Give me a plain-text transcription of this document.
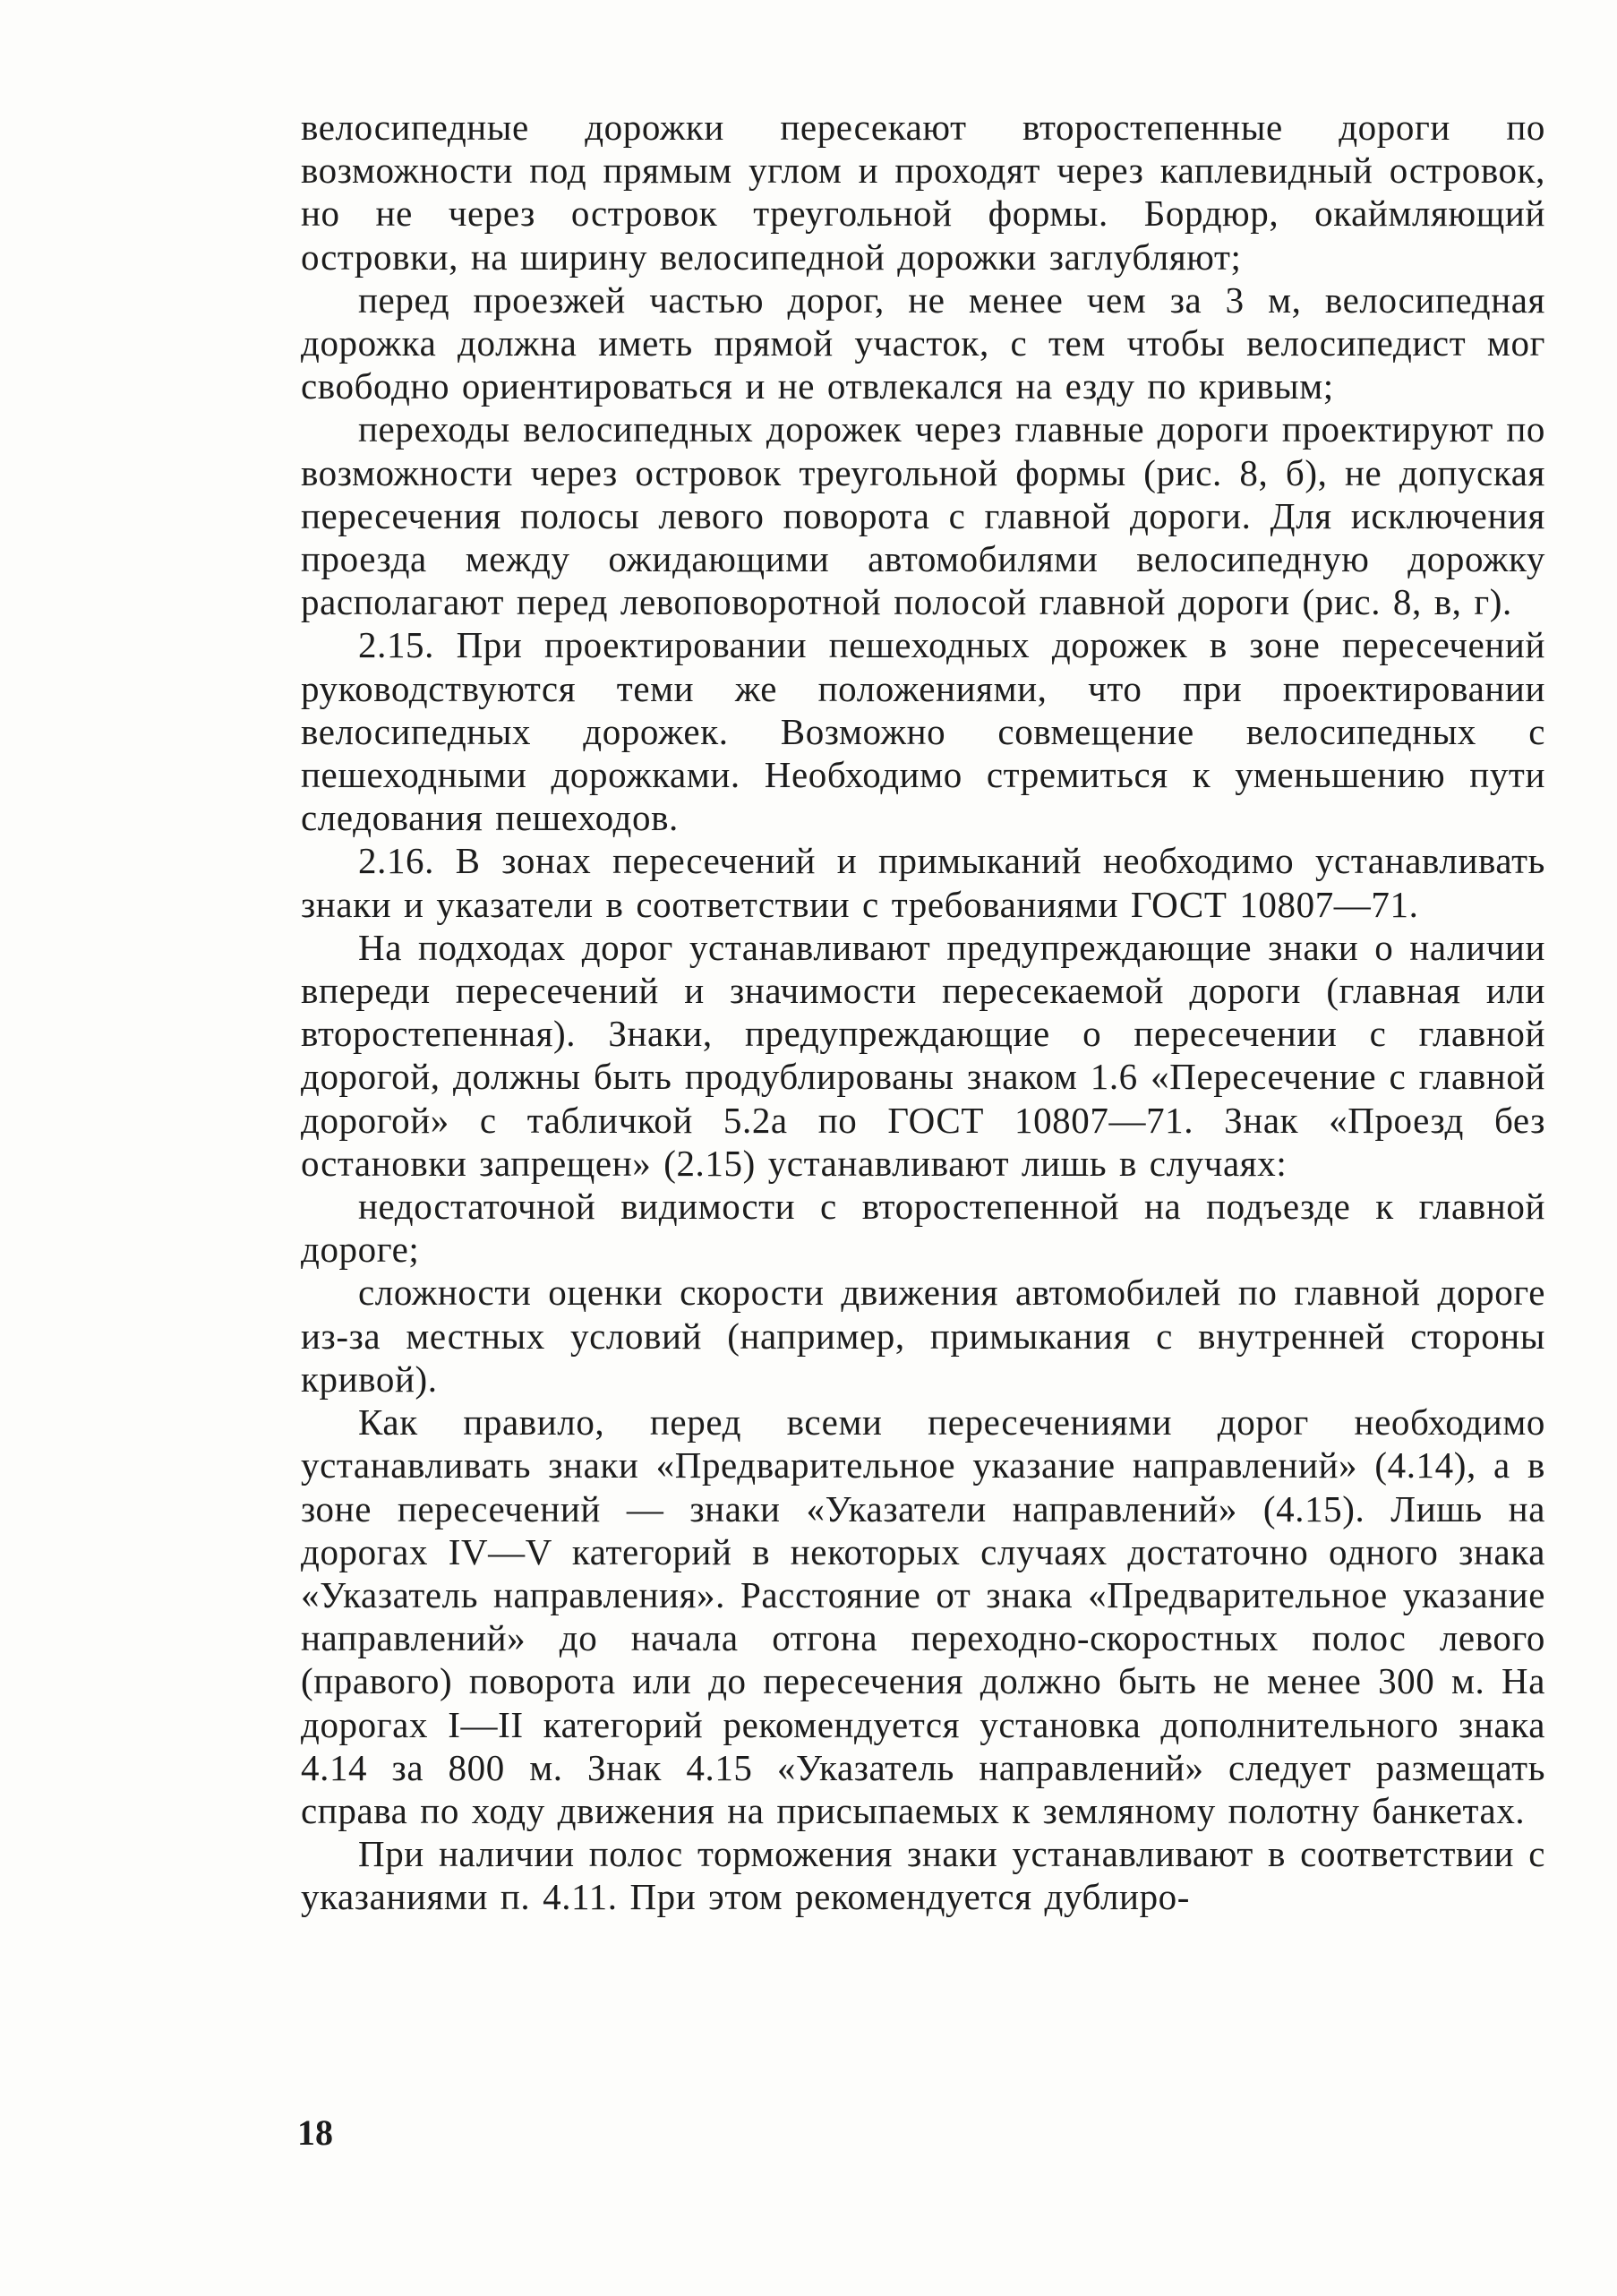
велосипедные дорожки пересекают второстепенные дороги по возможности под прямым углом и проходят через каплевидный островок, но не через островок треугольной формы. Бордюр, окаймляющий островки, на ширину велосипедной дорожки заглубляют;

перед проезжей частью дорог, не менее чем за 3 м, велосипедная дорожка должна иметь прямой участок, с тем чтобы велосипедист мог свободно ориентироваться и не отвлекался на езду по кривым;

переходы велосипедных дорожек через главные дороги проектируют по возможности через островок треугольной формы (рис. 8, б), не допуская пересечения полосы левого поворота с главной дороги. Для исключения проезда между ожидающими автомобилями велосипедную дорожку располагают перед левоповоротной полосой главной дороги (рис. 8, в, г).

2.15. При проектировании пешеходных дорожек в зоне пересечений руководствуются теми же положениями, что при проектировании велосипедных дорожек. Возможно совмещение велосипедных с пешеходными дорожками. Необходимо стремиться к уменьшению пути следования пешеходов.

2.16. В зонах пересечений и примыканий необходимо устанавливать знаки и указатели в соответствии с требованиями ГОСТ 10807—71.

На подходах дорог устанавливают предупреждающие знаки о наличии впереди пересечений и значимости пересекаемой дороги (главная или второстепенная). Знаки, предупреждающие о пересечении с главной дорогой, должны быть продублированы знаком 1.6 «Пересечение с главной дорогой» с табличкой 5.2а по ГОСТ 10807—71. Знак «Проезд без остановки запрещен» (2.15) устанавливают лишь в случаях:

недостаточной видимости с второстепенной на подъезде к главной дороге;

сложности оценки скорости движения автомобилей по главной дороге из-за местных условий (например, примыкания с внутренней стороны кривой).

Как правило, перед всеми пересечениями дорог необходимо устанавливать знаки «Предварительное указание направлений» (4.14), а в зоне пересечений — знаки «Указатели направлений» (4.15). Лишь на дорогах IV—V категорий в некоторых случаях достаточно одного знака «Указатель направления». Расстояние от знака «Предварительное указание направлений» до начала отгона переходно-скоростных полос левого (правого) поворота или до пересечения должно быть не менее 300 м. На дорогах I—II категорий рекомендуется установка дополнительного знака 4.14 за 800 м. Знак 4.15 «Указатель направлений» следует размещать справа по ходу движения на присыпаемых к земляному полотну банкетах.

При наличии полос торможения знаки устанавливают в соответствии с указаниями п. 4.11. При этом рекомендуется дублиро-

18
